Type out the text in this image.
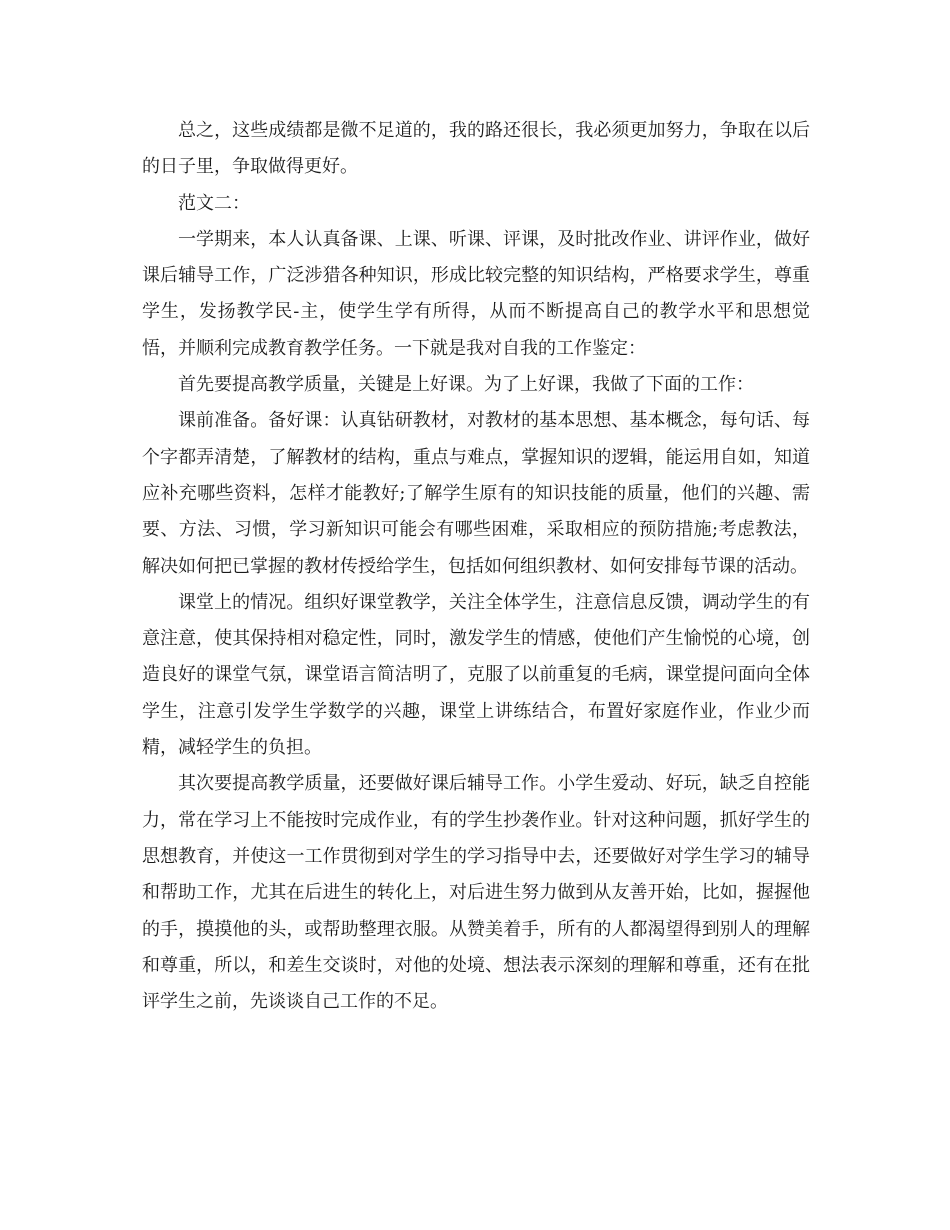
总之，这些成绩都是微不足道的，我的路还很长，我必须更加努力，争取在以后的日子里，争取做得更好。

范文二：

一学期来，本人认真备课、上课、听课、评课，及时批改作业、讲评作业，做好课后辅导工作，广泛涉猎各种知识，形成比较完整的知识结构，严格要求学生，尊重学生，发扬教学民-主，使学生学有所得，从而不断提高自己的教学水平和思想觉悟，并顺利完成教育教学任务。一下就是我对自我的工作鉴定：

首先要提高教学质量，关键是上好课。为了上好课，我做了下面的工作：

课前准备。备好课：认真钻研教材，对教材的基本思想、基本概念，每句话、每个字都弄清楚，了解教材的结构，重点与难点，掌握知识的逻辑，能运用自如，知道应补充哪些资料，怎样才能教好;了解学生原有的知识技能的质量，他们的兴趣、需要、方法、习惯，学习新知识可能会有哪些困难，采取相应的预防措施;考虑教法，解决如何把已掌握的教材传授给学生，包括如何组织教材、如何安排每节课的活动。

课堂上的情况。组织好课堂教学，关注全体学生，注意信息反馈，调动学生的有意注意，使其保持相对稳定性，同时，激发学生的情感，使他们产生愉悦的心境，创造良好的课堂气氛，课堂语言简洁明了，克服了以前重复的毛病，课堂提问面向全体学生，注意引发学生学数学的兴趣，课堂上讲练结合，布置好家庭作业，作业少而精，减轻学生的负担。

其次要提高教学质量，还要做好课后辅导工作。小学生爱动、好玩，缺乏自控能力，常在学习上不能按时完成作业，有的学生抄袭作业。针对这种问题，抓好学生的思想教育，并使这一工作贯彻到对学生的学习指导中去，还要做好对学生学习的辅导和帮助工作，尤其在后进生的转化上，对后进生努力做到从友善开始，比如，握握他的手，摸摸他的头，或帮助整理衣服。从赞美着手，所有的人都渴望得到别人的理解和尊重，所以，和差生交谈时，对他的处境、想法表示深刻的理解和尊重，还有在批评学生之前，先谈谈自己工作的不足。
